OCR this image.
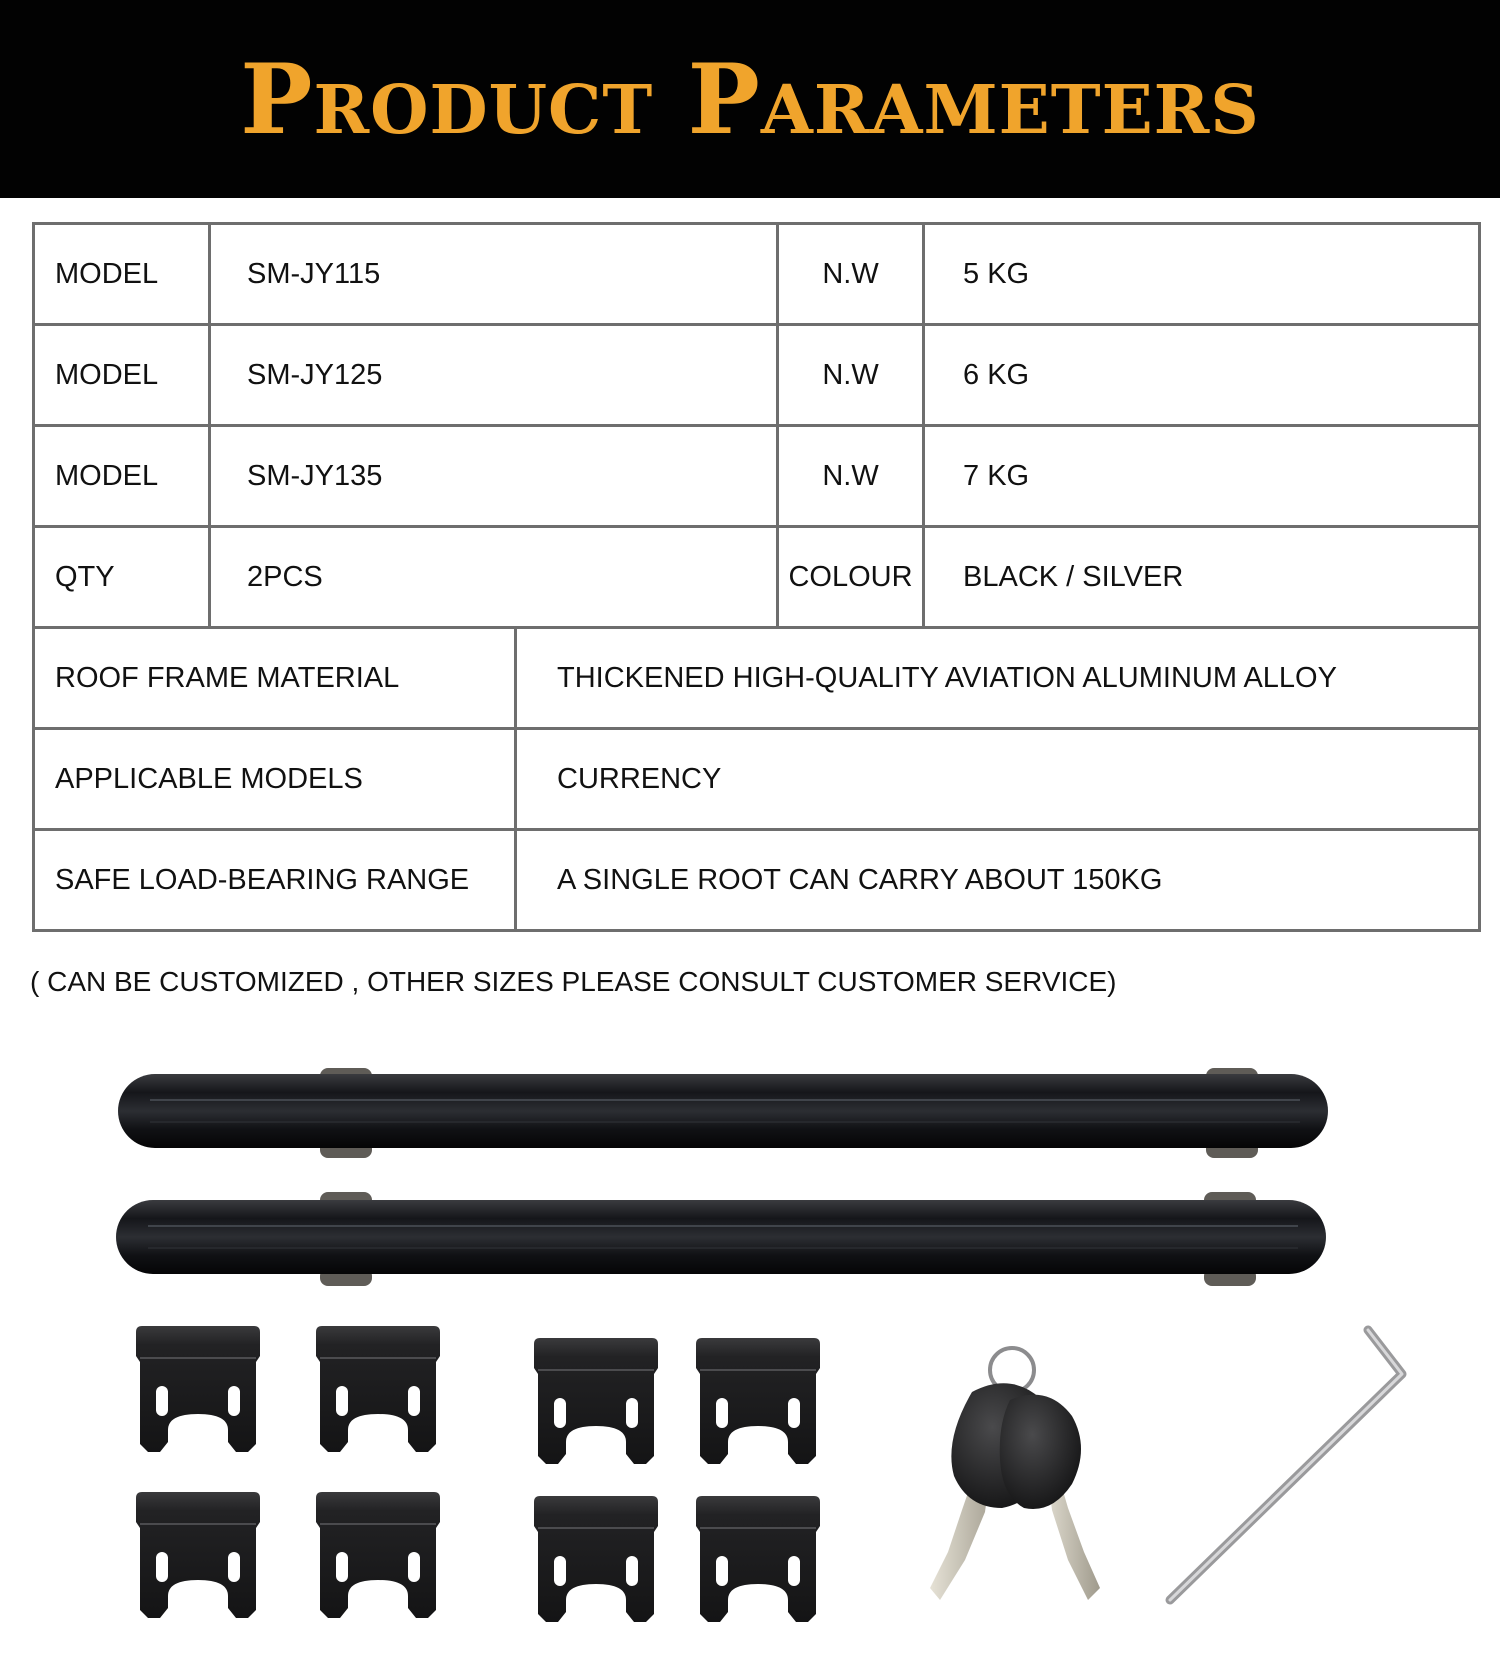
Product Parameters
MODEL	SM-JY115		N.W	5 KG
MODEL	SM-JY125		N.W	6 KG
MODEL	SM-JY135		N.W	7 KG
QTY	2PCS		COLOUR	BLACK / SILVER
ROOF FRAME MATERIAL		THICKENED HIGH-QUALITY AVIATION ALUMINUM ALLOY		
APPLICABLE MODELS		CURRENCY		
SAFE LOAD-BEARING RANGE		A SINGLE ROOT CAN CARRY ABOUT 150KG		
( CAN BE CUSTOMIZED , OTHER SIZES PLEASE CONSULT CUSTOMER SERVICE)
